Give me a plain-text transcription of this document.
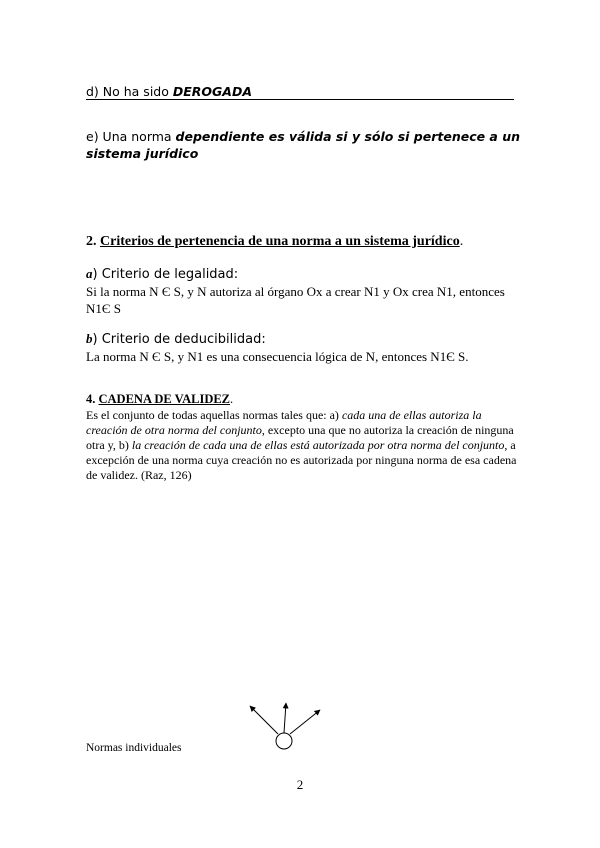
d) No ha sido DEROGADA
e) Una norma dependiente es válida si y sólo si pertenece a un sistema jurídico
2. Criterios de pertenencia de una norma a un sistema jurídico.
a) Criterio de legalidad:
Si la norma N Є S, y N autoriza al órgano Ox a crear N1 y Ox crea N1, entonces N1Є S
b) Criterio de deducibilidad:
La norma N Є S, y N1 es una consecuencia lógica de N, entonces N1Є S.
4. CADENA DE VALIDEZ.
Es el conjunto de todas aquellas normas tales que: a) cada una de ellas autoriza la creación de otra norma del conjunto, excepto una que no autoriza la creación de ninguna otra y, b) la creación de cada una de ellas está autorizada por otra norma del conjunto, a excepción de una norma cuya creación no es autorizada por ninguna norma de esa cadena de validez. (Raz, 126)
Normas individuales
2
